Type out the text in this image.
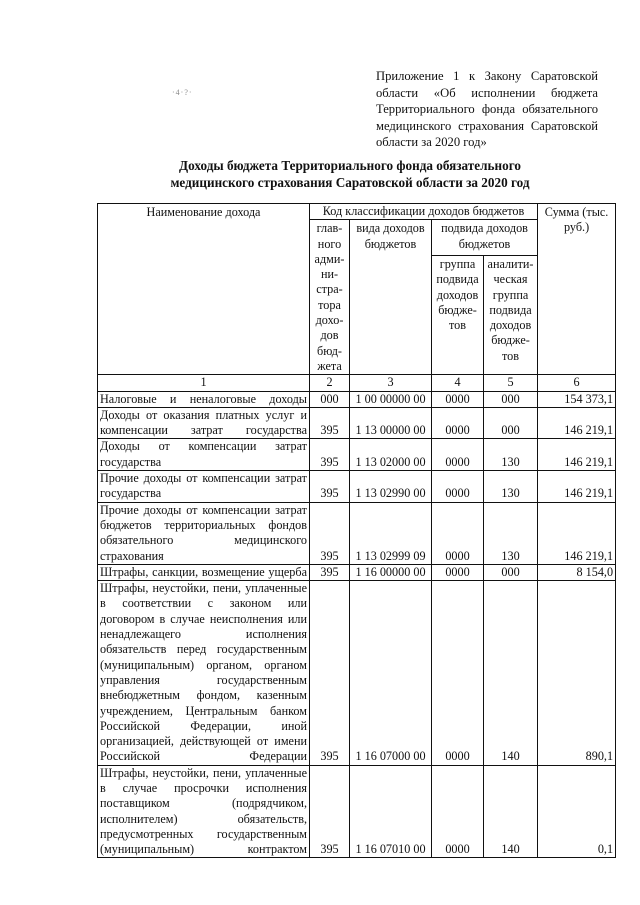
·4·?·
Приложение 1 к Закону Саратовской области «Об исполнении бюджета Территориального фонда обязательного медицинского страхования Саратовской области за 2020 год»
Доходы бюджета Территориального фонда обязательного
медицинского страхования Саратовской области за 2020 год
Наименование дохода	Код классификации доходов бюджетов				Сумма (тыс. руб.)
	глав-ного адми-ни-стра-тора дохо-дов бюд-жета	вида доходов бюджетов	подвида доходов бюджетов		
			группа подвида доходов бюдже-тов	аналити-ческая группа подвида доходов бюдже-тов	
1	2	3	4	5	6
Налоговые и неналоговые доходы	000	1 00 00000 00	0000	000	154 373,1
Доходы от оказания платных услуг и компенсации затрат государства	395	1 13 00000 00	0000	000	146 219,1
Доходы от компенсации затрат государства	395	1 13 02000 00	0000	130	146 219,1
Прочие доходы от компенсации затрат государства	395	1 13 02990 00	0000	130	146 219,1
Прочие доходы от компенсации затрат бюджетов территориальных фондов обязательного медицинского страхования	395	1 13 02999 09	0000	130	146 219,1
Штрафы, санкции, возмещение ущерба	395	1 16 00000 00	0000	000	8 154,0
Штрафы, неустойки, пени, уплаченные в соответствии с законом или договором в случае неисполнения или ненадлежащего исполнения обязательств перед государственным (муниципальным) органом, органом управления государственным внебюджетным фондом, казенным учреждением, Центральным банком Российской Федерации, иной организацией, действующей от имени Российской Федерации	395	1 16 07000 00	0000	140	890,1
Штрафы, неустойки, пени, уплаченные в случае просрочки исполнения поставщиком (подрядчиком, исполнителем) обязательств, предусмотренных государственным (муниципальным) контрактом	395	1 16 07010 00	0000	140	0,1
